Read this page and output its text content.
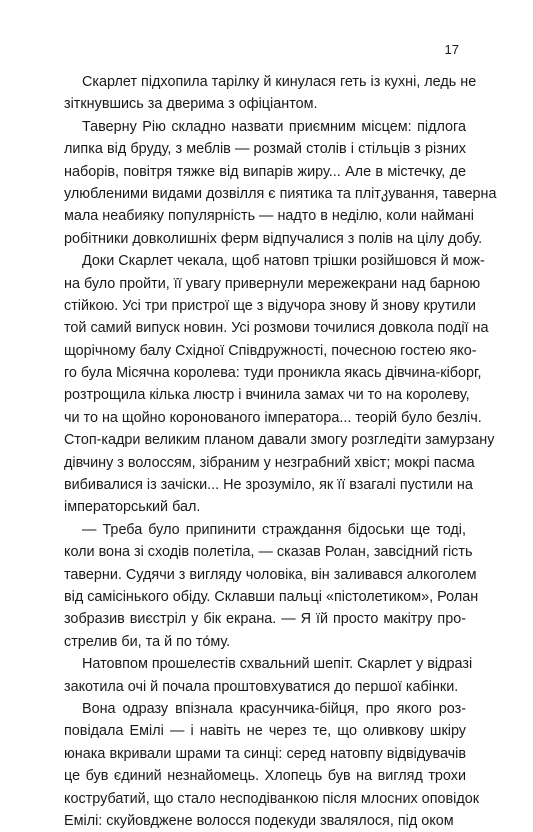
17
Скарлет підхопила тарілку й кинулася геть із кухні, ледь не
зіткнувшись за дверима з офіціантом.
Таверну Рію складно назвати приємним місцем: підлога
липка від бруду, з меблів — розмай столів і стільців з різних
наборів, повітря тяжке від випарів жиру... Але в містечку, де
улюбленими видами дозвілля є пиятика та плітკування, таверна
мала неабияку популярність — надто в неділю, коли наймані
робітники довколишніх ферм відпучалися з полів на цілу добу.
Доки Скарлет чекала, щоб натовп трішки розійшовся й мож-
на було пройти, її увагу привернули мережекрани над барною
стійкою. Усі три пристрої ще з відучора знову й знову крутили
той самий випуск новин. Усі розмови точилися довкола події на
щорічному балу Східної Співдружності, почесною гостею яко-
го була Місячна королева: туди проникла якась дівчина-кіборг,
розтрощила кілька люстр і вчинила замах чи то на королеву,
чи то на щойно коронованого імператора... теорій було безліч.
Стоп-кадри великим планом давали змогу розгледіти замурзану
дівчину з волоссям, зібраним у незграбний хвіст; мокрі пасма
вибивалися із зачіски... Не зрозуміло, як її взагалі пустили на
імператорський бал.
— Треба було припинити страждання бідоськи ще тоді,
коли вона зі сходів полетіла, — сказав Ролан, завсідний гість
таверни. Судячи з вигляду чоловіка, він заливався алкоголем
від самісінького обіду. Склавши пальці «пістолетиком», Ролан
зобразив виєстріл у бік екрана. — Я їй просто макітру про-
стрелив би, та й по то́му.
Натовпом прошелестів схвальний шепіт. Скарлет у відразі
закотила очі й почала проштовхуватися до першої кабінки.
Вона одразу впізнала красунчика-бійця, про якого роз-
повідала Емілі — і навіть не через те, що оливкову шкіру
юнака вкривали шрами та синці: серед натовпу відвідувачів
це був єдиний незнайомець. Хлопець був на вигляд трохи
кострубатий, що стало несподіванкою після млосних оповідок
Емілі: скуйовджене волосся подекуди звалялося, під оком
